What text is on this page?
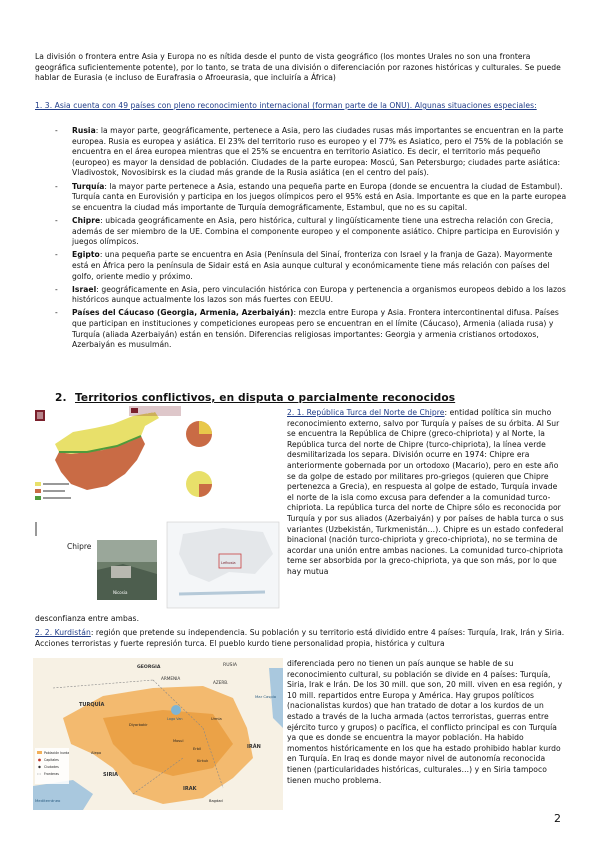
La división o frontera entre Asia y Europa no es nítida desde el punto de vista geográfico (los montes Urales no son una frontera geográfica suficientemente potente), por lo tanto, se trata de una división o diferenciación por razones históricas y culturales. Se puede hablar de Eurasia (e incluso de Eurafrasia o Afroeurasia, que incluiría a África)

1. 3. Asia cuenta con 49 países con pleno reconocimiento internacional (forman parte de la ONU). Algunas situaciones especiales:

- Rusia: la mayor parte, geográficamente, pertenece a Asia, pero las ciudades rusas más importantes se encuentran en la parte europea. Rusia es europea y asiática. El 23% del territorio ruso es europeo y el 77% es Asiatico, pero el 75% de la población se encuentra en el área europea mientras que el 25% se encuentra en territorio Asiatico. Es decir, el territorio más pequeño (europeo) es mayor la densidad de población. Ciudades de la parte europea: Moscú, San Petersburgo; ciudades parte asiática: Vladivostok, Novosibirsk es la ciudad más grande de la Rusia asiática (en el centro del país).
- Turquía: la mayor parte pertenece a Asia, estando una pequeña parte en Europa (donde se encuentra la ciudad de Estambul). Turquía canta en Eurovisión y participa en los juegos olímpicos pero el 95% está en Asia. Importante es que en la parte europea se encuentra la ciudad más importante de Turquía demográficamente, Estambul, que no es su capital.
- Chipre: ubicada geográficamente en Asia, pero histórica, cultural y lingüísticamente tiene una estrecha relación con Grecia, además de ser miembro de la UE. Combina el componente europeo y el componente asiático. Chipre participa en Eurovisión y juegos olímpicos.
- Egipto: una pequeña parte se encuentra en Asia (Península del Sinaí, fronteriza con Israel y la franja de Gaza). Mayormente está en África pero la península de Sidair está en Asia aunque cultural y económicamente tiene más relación con países del golfo, oriente medio y próximo.
- Israel: geográficamente en Asia, pero vinculación histórica con Europa y pertenencia a organismos europeos debido a los lazos históricos aunque actualmente los lazos son más fuertes con EEUU.
- Países del Cáucaso (Georgia, Armenia, Azerbaiyán): mezcla entre Europa y Asia. Frontera intercontinental difusa. Países que participan en instituciones y competiciones europeas pero se encuentran en el límite (Cáucaso), Armenia (aliada rusa) y Turquía (aliada Azerbaiyán) están en tensión. Diferencias religiosas importantes: Georgia y armenia cristianos ortodoxos, Azerbaiyán es musulmán.
2. Territorios conflictivos, en disputa o parcialmente reconocidos
Chipre del Norte
Chipre
Nicosia
Lefkosia

2. 1. República Turca del Norte de Chipre: entidad política sin mucho reconocimiento externo, salvo por Turquía y países de su órbita. Al Sur se encuentra la República de Chipre (greco-chipriota) y al Norte, la República turca del norte de Chipre (turco-chipriota), la línea verde desmilitarizada los separa. División ocurre en 1974: Chipre era anteriormente gobernada por un ortodoxo (Macario), pero en este año se da golpe de estado por militares pro-griegos (quieren que Chipre pertenezca a Grecia), en respuesta al golpe de estado, Turquía invade el norte de la isla como excusa para defender a la comunidad turco-chipriota. La república turca del norte de Chipre sólo es reconocida por Turquía y por sus aliados (Azerbaiyán) y por países de habla turca o sus variantes (Uzbekistán, Turkmenistán…). Chipre es un estado confederal binacional (nación turco-chipriota y greco-chipriota), no se termina de acordar una unión entre ambas naciones. La comunidad turco-chipriota teme ser absorbida por la greco-chipriota, ya que son más, por lo que hay mutua

desconfianza entre ambas.

2. 2. Kurdistán: región que pretende su independencia. Su población y su territorio está dividido entre 4 países: Turquía, Irak, Irán y Siria. Acciones terroristas y fuerte represión turca. El pueblo kurdo tiene personalidad propia, histórica y cultura

GEORGIA	RUSIA
ARMENIA
AZERB.
TURQUÍA
IRÁN
SIRIA
IRAK
Mar Caspio
Mediterráneo
Lago Van
Mosul
Erbil
Kirkuk
Diyarbakir
Alepo
Bagdad
Urmia
Población kurda
Capitales
Ciudades
Fronteras

diferenciada pero no tienen un país aunque se hable de su reconocimiento cultural, su población se divide en 4 países: Turquía, Siria, Irak e Irán. De los 30 mill. que son, 20 mill. viven en esa región, y 10 mill. repartidos entre Europa y América. Hay grupos políticos (nacionalistas kurdos) que han tratado de dotar a los kurdos de un estado a través de la lucha armada (actos terroristas, guerras entre ejército turco y grupos) o pacífica, el conflicto principal es con Turquía ya que es donde se encuentra la mayor población. Ha habido momentos históricamente en los que ha estado prohibido hablar kurdo en Turquía. En Iraq es donde mayor nivel de autonomía reconocida tienen (particularidades históricas, culturales…) y en Siria tampoco tienen mucho problema.

2
